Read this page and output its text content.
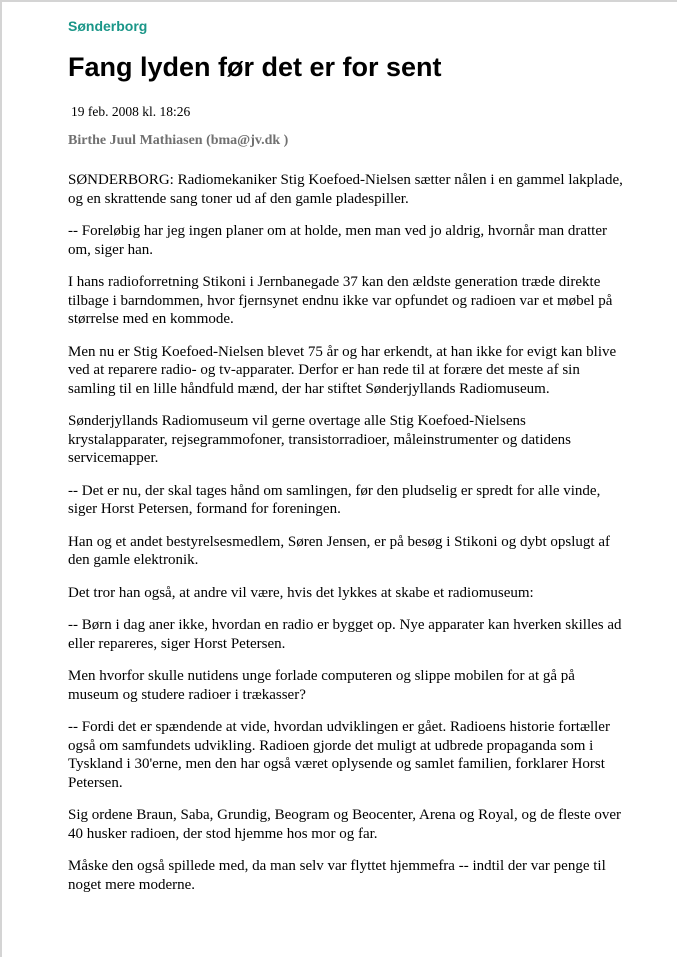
Sønderborg
Fang lyden før det er for sent
19 feb. 2008 kl. 18:26
Birthe Juul Mathiasen (bma@jv.dk )

SØNDERBORG: Radiomekaniker Stig Koefoed-Nielsen sætter nålen i en gammel lakplade,
og en skrattende sang toner ud af den gamle pladespiller.

-- Foreløbig har jeg ingen planer om at holde, men man ved jo aldrig, hvornår man dratter
om, siger han.

I hans radioforretning Stikoni i Jernbanegade 37 kan den ældste generation træde direkte
tilbage i barndommen, hvor fjernsynet endnu ikke var opfundet og radioen var et møbel på
størrelse med en kommode.

Men nu er Stig Koefoed-Nielsen blevet 75 år og har erkendt, at han ikke for evigt kan blive
ved at reparere radio- og tv-apparater. Derfor er han rede til at forære det meste af sin
samling til en lille håndfuld mænd, der har stiftet Sønderjyllands Radiomuseum.

Sønderjyllands Radiomuseum vil gerne overtage alle Stig Koefoed-Nielsens
krystalapparater, rejsegrammofoner, transistorradioer, måleinstrumenter og datidens
servicemapper.

-- Det er nu, der skal tages hånd om samlingen, før den pludselig er spredt for alle vinde,
siger Horst Petersen, formand for foreningen.

Han og et andet bestyrelsesmedlem, Søren Jensen, er på besøg i Stikoni og dybt opslugt af
den gamle elektronik.

Det tror han også, at andre vil være, hvis det lykkes at skabe et radiomuseum:

-- Børn i dag aner ikke, hvordan en radio er bygget op. Nye apparater kan hverken skilles ad
eller repareres, siger Horst Petersen.

Men hvorfor skulle nutidens unge forlade computeren og slippe mobilen for at gå på
museum og studere radioer i trækasser?

-- Fordi det er spændende at vide, hvordan udviklingen er gået. Radioens historie fortæller
også om samfundets udvikling. Radioen gjorde det muligt at udbrede propaganda som i
Tyskland i 30'erne, men den har også været oplysende og samlet familien, forklarer Horst
Petersen.

Sig ordene Braun, Saba, Grundig, Beogram og Beocenter, Arena og Royal, og de fleste over
40 husker radioen, der stod hjemme hos mor og far.

Måske den også spillede med, da man selv var flyttet hjemmefra -- indtil der var penge til
noget mere moderne.
